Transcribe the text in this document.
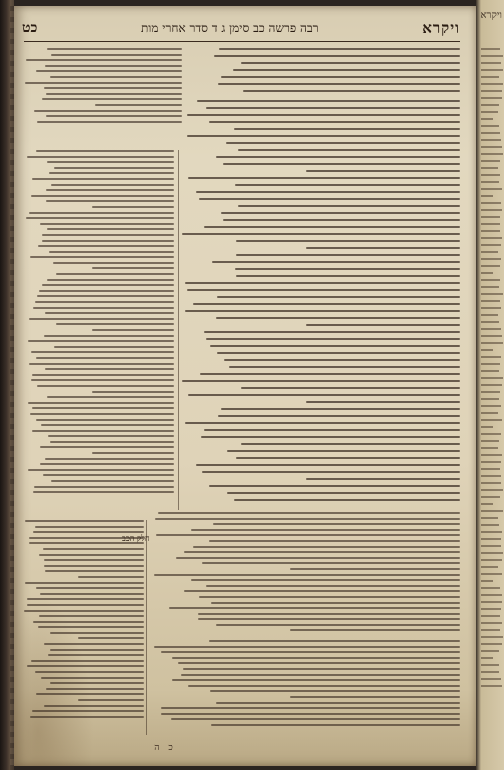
ויקרא
רבה פרשה כב סימן ג ד סדר אחרי מות
כט
חלק הכב
כ ה
ויקרא
